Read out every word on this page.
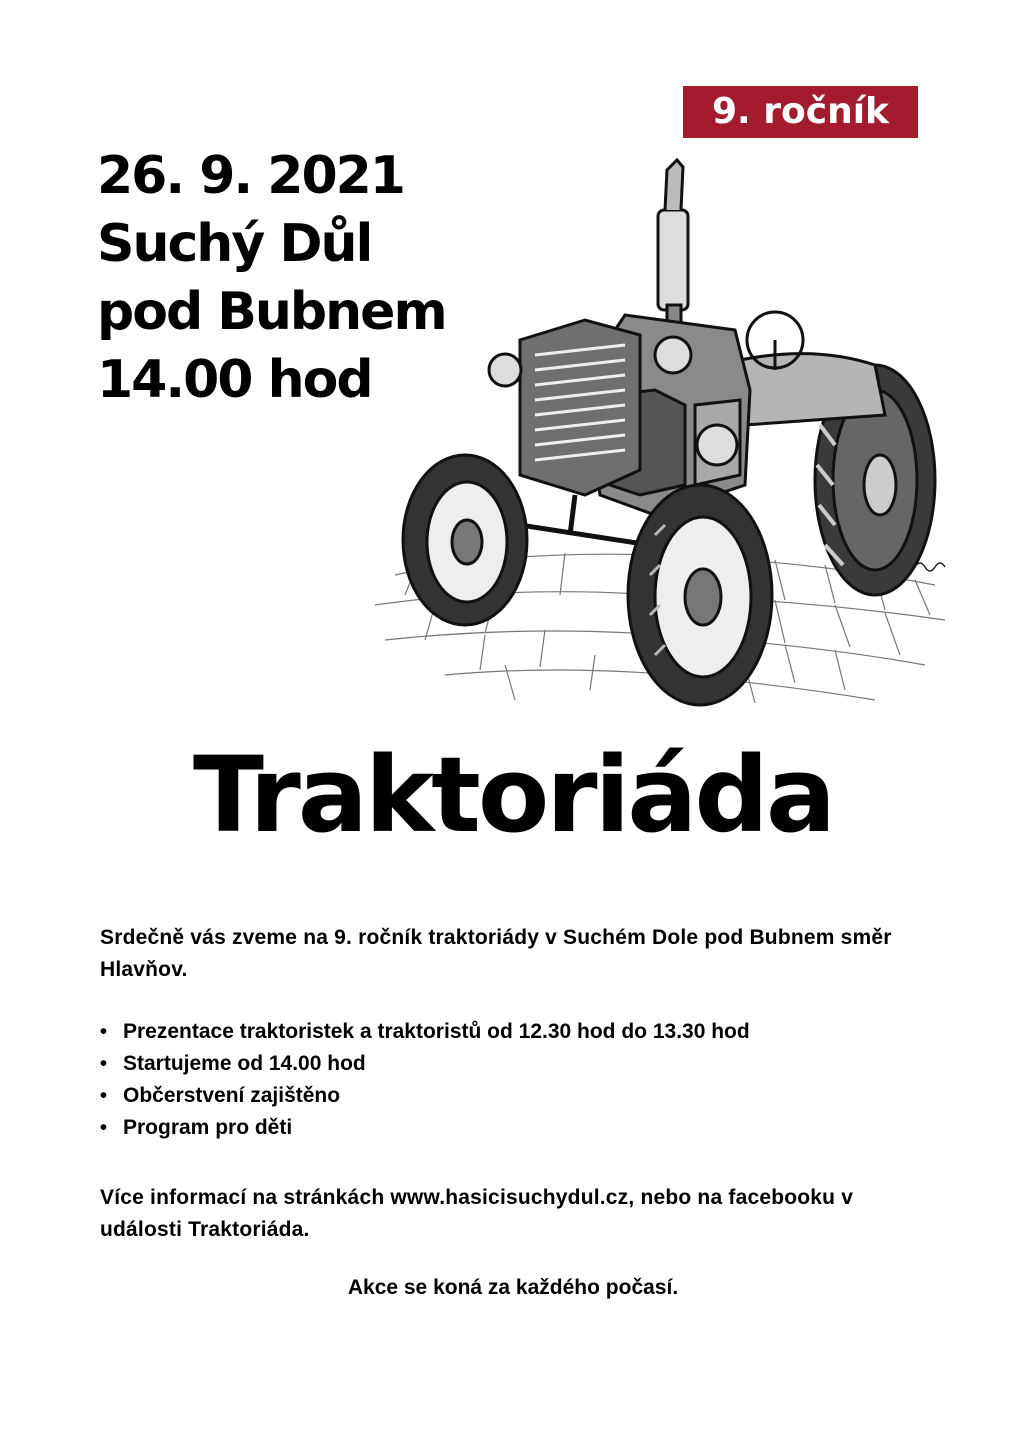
9. ročník
26. 9. 2021
Suchý Důl
pod Bubnem
14.00 hod
Traktoriáda
Srdečně vás zveme na 9. ročník traktoriády v Suchém Dole pod Bubnem směr Hlavňov.
• Prezentace traktoristek a traktoristů od 12.30 hod do 13.30 hod
• Startujeme od 14.00 hod
• Občerstvení zajištěno
• Program pro děti
Více informací na stránkách www.hasicisuchydul.cz, nebo na facebooku v události Traktoriáda.
Akce se koná za každého počasí.
